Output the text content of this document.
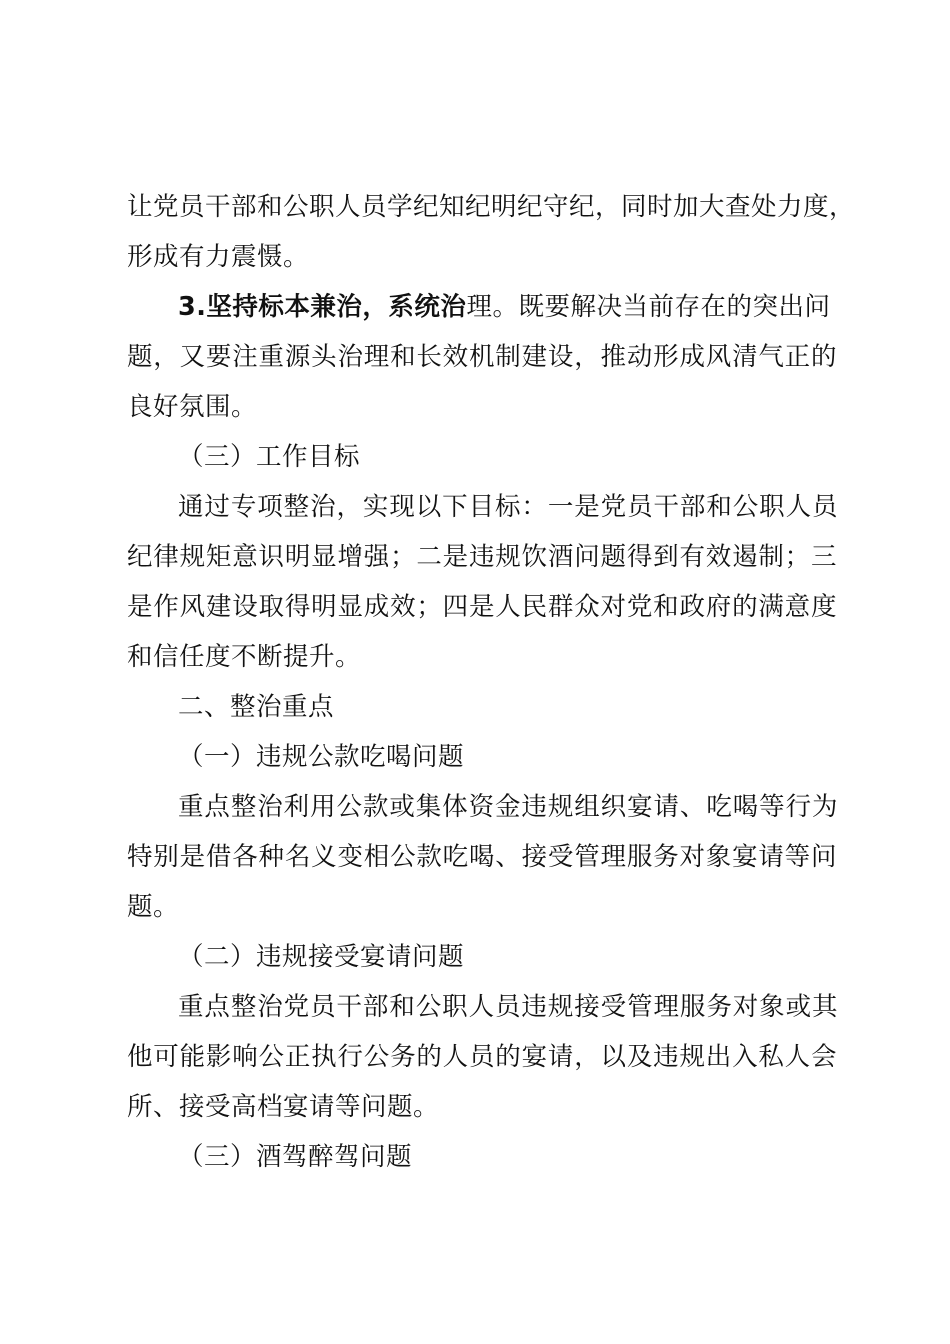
让党员干部和公职人员学纪知纪明纪守纪，同时加大查处力度，
形成有力震慑。
3.坚持标本兼治，系统治理。既要解决当前存在的突出问
题，又要注重源头治理和长效机制建设，推动形成风清气正的
良好氛围。
（三）工作目标
通过专项整治，实现以下目标：一是党员干部和公职人员
纪律规矩意识明显增强；二是违规饮酒问题得到有效遏制；三
是作风建设取得明显成效；四是人民群众对党和政府的满意度
和信任度不断提升。
二、整治重点
（一）违规公款吃喝问题
重点整治利用公款或集体资金违规组织宴请、吃喝等行为
特别是借各种名义变相公款吃喝、接受管理服务对象宴请等问
题。
（二）违规接受宴请问题
重点整治党员干部和公职人员违规接受管理服务对象或其
他可能影响公正执行公务的人员的宴请，以及违规出入私人会
所、接受高档宴请等问题。
（三）酒驾醉驾问题
